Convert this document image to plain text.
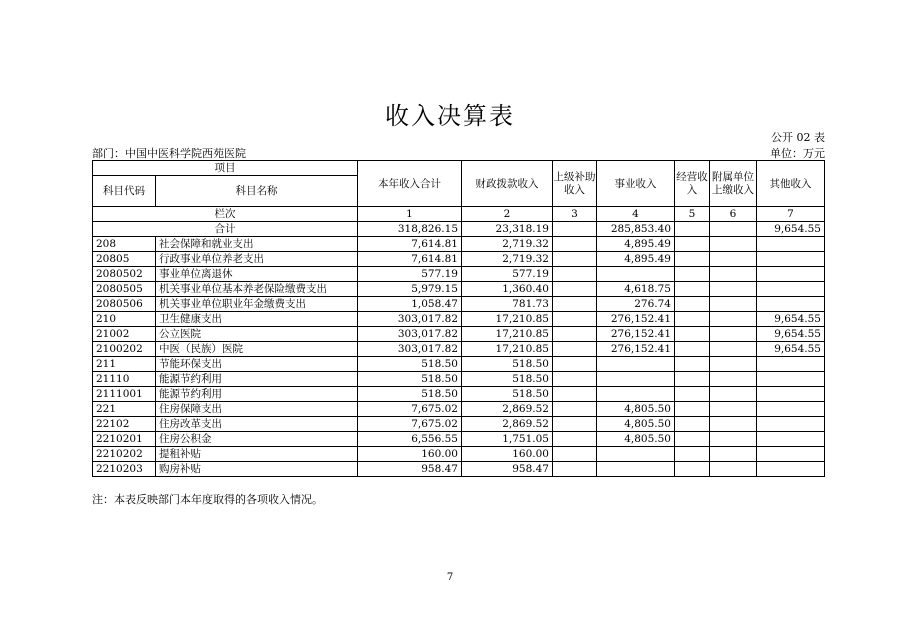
收入决算表
公开 02 表
部门：中国中医科学院西苑医院	单位：万元
项目		本年收入合计	财政拨款收入	上级补助收入	事业收入	经营收入	附属单位上缴收入	其他收入
科目代码	科目名称							
栏次		1	2	3	4	5	6	7
合计		318,826.15	23,318.19		285,853.40			9,654.55
208	社会保障和就业支出	7,614.81	2,719.32		4,895.49			
20805	行政事业单位养老支出	7,614.81	2,719.32		4,895.49			
2080502	事业单位离退休	577.19	577.19					
2080505	机关事业单位基本养老保险缴费支出	5,979.15	1,360.40		4,618.75			
2080506	机关事业单位职业年金缴费支出	1,058.47	781.73		276.74			
210	卫生健康支出	303,017.82	17,210.85		276,152.41			9,654.55
21002	公立医院	303,017.82	17,210.85		276,152.41			9,654.55
2100202	中医（民族）医院	303,017.82	17,210.85		276,152.41			9,654.55
211	节能环保支出	518.50	518.50					
21110	能源节约利用	518.50	518.50					
2111001	能源节约利用	518.50	518.50					
221	住房保障支出	7,675.02	2,869.52		4,805.50			
22102	住房改革支出	7,675.02	2,869.52		4,805.50			
2210201	住房公积金	6,556.55	1,751.05		4,805.50			
2210202	提租补贴	160.00	160.00					
2210203	购房补贴	958.47	958.47					
注：本表反映部门本年度取得的各项收入情况。
7
